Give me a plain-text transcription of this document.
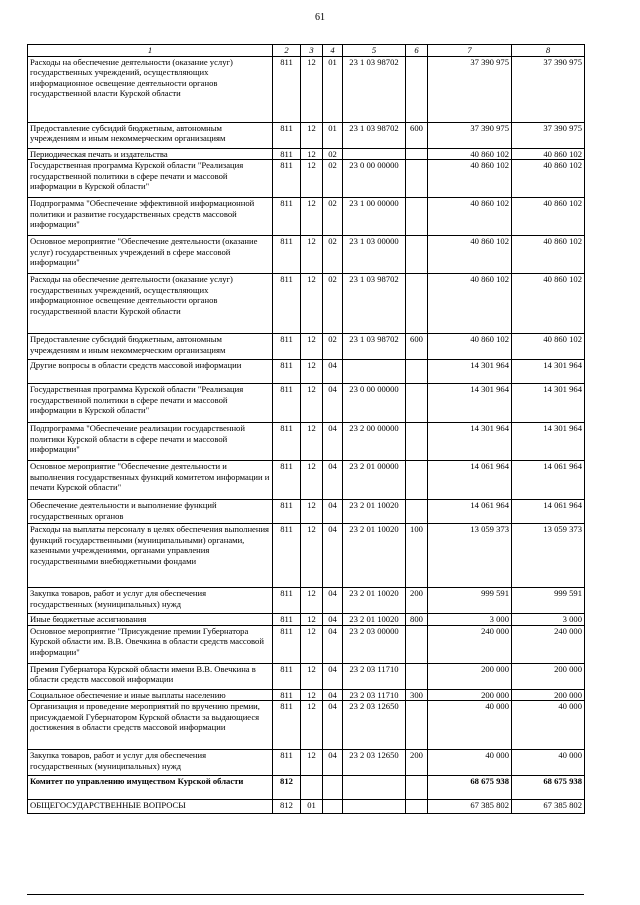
61
1	2	3	4	5	6	7	8
Расходы на обеспечение деятельности (оказание услуг) государственных учреждений, осуществляющих информационное освещение деятельности органов государственной власти Курской области	811	12	01	23 1 03 98702		37 390 975	37 390 975
Предоставление субсидий бюджетным, автономным учреждениям и иным некоммерческим организациям	811	12	01	23 1 03 98702	600	37 390 975	37 390 975
Периодическая печать и издательства	811	12	02			40 860 102	40 860 102
Государственная программа Курской области "Реализация государственной политики в сфере печати и массовой информации в Курской области"	811	12	02	23 0 00 00000		40 860 102	40 860 102
Подпрограмма "Обеспечение эффективной информационной политики и развитие государственных средств массовой информации"	811	12	02	23 1 00 00000		40 860 102	40 860 102
Основное мероприятие "Обеспечение деятельности (оказание услуг) государственных учреждений в сфере массовой информации"	811	12	02	23 1 03 00000		40 860 102	40 860 102
Расходы на обеспечение деятельности (оказание услуг) государственных учреждений, осуществляющих информационное освещение деятельности органов государственной власти Курской области	811	12	02	23 1 03 98702		40 860 102	40 860 102
Предоставление субсидий бюджетным, автономным учреждениям и иным некоммерческим организациям	811	12	02	23 1 03 98702	600	40 860 102	40 860 102
Другие вопросы в области средств массовой информации	811	12	04			14 301 964	14 301 964
Государственная программа Курской области "Реализация государственной политики в сфере печати и массовой информации в Курской области"	811	12	04	23 0 00 00000		14 301 964	14 301 964
Подпрограмма "Обеспечение реализации государственной политики Курской области в сфере печати и массовой информации"	811	12	04	23 2 00 00000		14 301 964	14 301 964
Основное мероприятие "Обеспечение деятельности и выполнения государственных функций комитетом информации и печати Курской области"	811	12	04	23 2 01 00000		14 061 964	14 061 964
Обеспечение деятельности и выполнение функций государственных органов	811	12	04	23 2 01 10020		14 061 964	14 061 964
Расходы на выплаты персоналу в целях обеспечения выполнения функций государственными (муниципальными) органами, казенными учреждениями, органами управления государственными внебюджетными фондами	811	12	04	23 2 01 10020	100	13 059 373	13 059 373
Закупка товаров, работ и услуг для обеспечения государственных (муниципальных) нужд	811	12	04	23 2 01 10020	200	999 591	999 591
Иные бюджетные ассигнования	811	12	04	23 2 01 10020	800	3 000	3 000
Основное мероприятие "Присуждение премии Губернатора Курской области им. В.В. Овечкина в области средств массовой информации"	811	12	04	23 2 03 00000		240 000	240 000
Премия Губернатора Курской области имени В.В. Овечкина в области средств массовой информации	811	12	04	23 2 03 11710		200 000	200 000
Социальное обеспечение и иные выплаты населению	811	12	04	23 2 03 11710	300	200 000	200 000
Организация и проведение мероприятий по вручению премии, присуждаемой Губернатором Курской области за выдающиеся достижения в области средств массовой информации	811	12	04	23 2 03 12650		40 000	40 000
Закупка товаров, работ и услуг для обеспечения государственных (муниципальных) нужд	811	12	04	23 2 03 12650	200	40 000	40 000
Комитет по управлению имуществом Курской области	812					68 675 938	68 675 938
ОБЩЕГОСУДАРСТВЕННЫЕ ВОПРОСЫ	812	01				67 385 802	67 385 802
